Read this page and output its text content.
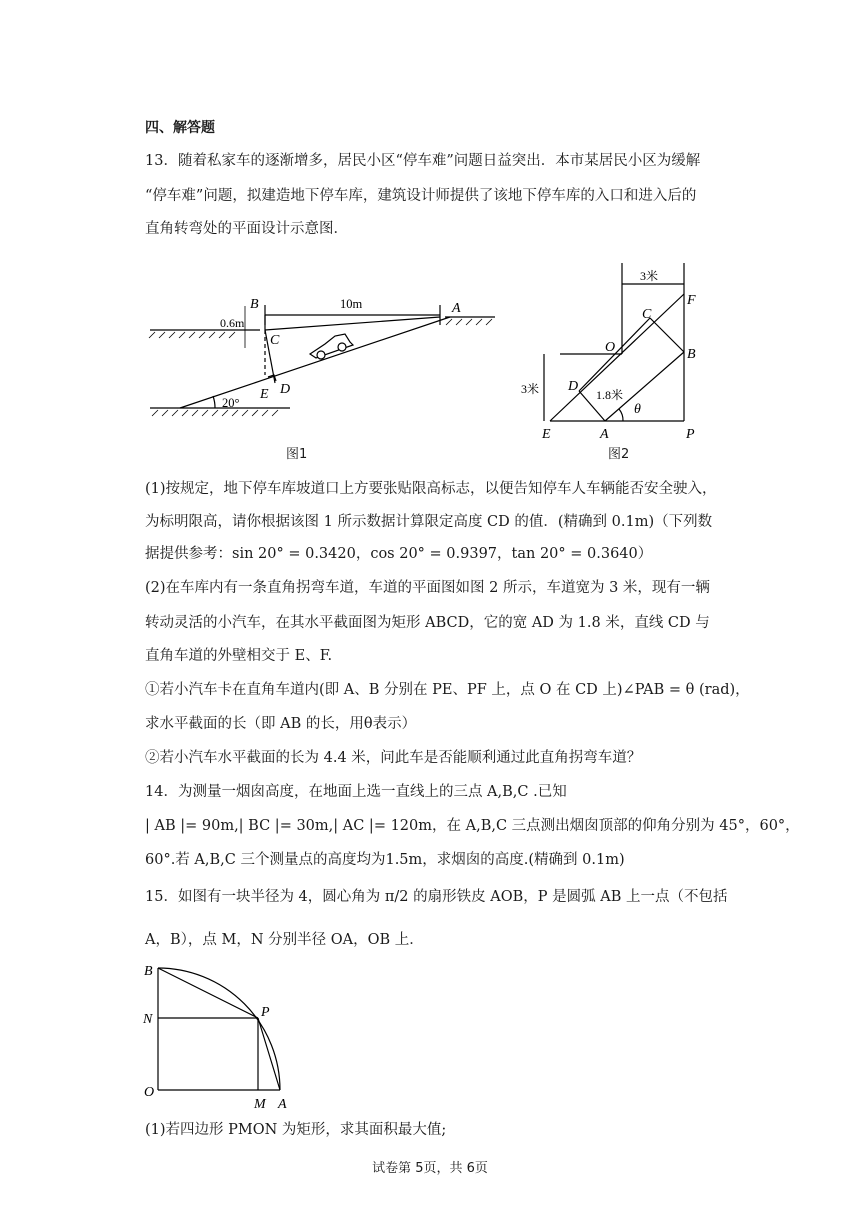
四、解答题
13．随着私家车的逐渐增多，居民小区“停车难”问题日益突出．本市某居民小区为缓解
“停车难”问题，拟建造地下停车库，建筑设计师提供了该地下停车库的入口和进入后的
直角转弯处的平面设计示意图．
B	A
10m
0.6m
C
D
E
20°
图1
3米
F
C
O	B
D
3米	1.8米
θ
E	A	P
图2
(1)按规定，地下停车库坡道口上方要张贴限高标志，以便告知停车人车辆能否安全驶入，
为标明限高，请你根据该图 1 所示数据计算限定高度 CD 的值．(精确到 0.1m)（下列数
据提供参考：sin 20° = 0.3420，cos 20° = 0.9397，tan 20° = 0.3640）
(2)在车库内有一条直角拐弯车道，车道的平面图如图 2 所示，车道宽为 3 米，现有一辆
转动灵活的小汽车，在其水平截面图为矩形 ABCD，它的宽 AD 为 1.8 米，直线 CD 与
直角车道的外壁相交于 E、F.
①若小汽车卡在直角车道内(即 A、B 分别在 PE、PF 上，点 O 在 CD 上)∠PAB = θ (rad)，
求水平截面的长（即 AB 的长，用θ表示）
②若小汽车水平截面的长为 4.4 米，问此车是否能顺利通过此直角拐弯车道？
14．为测量一烟囱高度，在地面上选一直线上的三点 A,B,C .已知
| AB |= 90m,| BC |= 30m,| AC |= 120m，在 A,B,C 三点测出烟囱顶部的仰角分别为 45°，60°，
60°.若 A,B,C 三个测量点的高度均为1.5m，求烟囱的高度.(精确到 0.1m)
15．如图有一块半径为 4，圆心角为 π/2 的扇形铁皮 AOB，P 是圆弧 AB 上一点（不包括
A，B），点 M，N 分别半径 OA，OB 上．
B
N	P
O
M A
(1)若四边形 PMON 为矩形，求其面积最大值;
试卷第 5页，共 6页
